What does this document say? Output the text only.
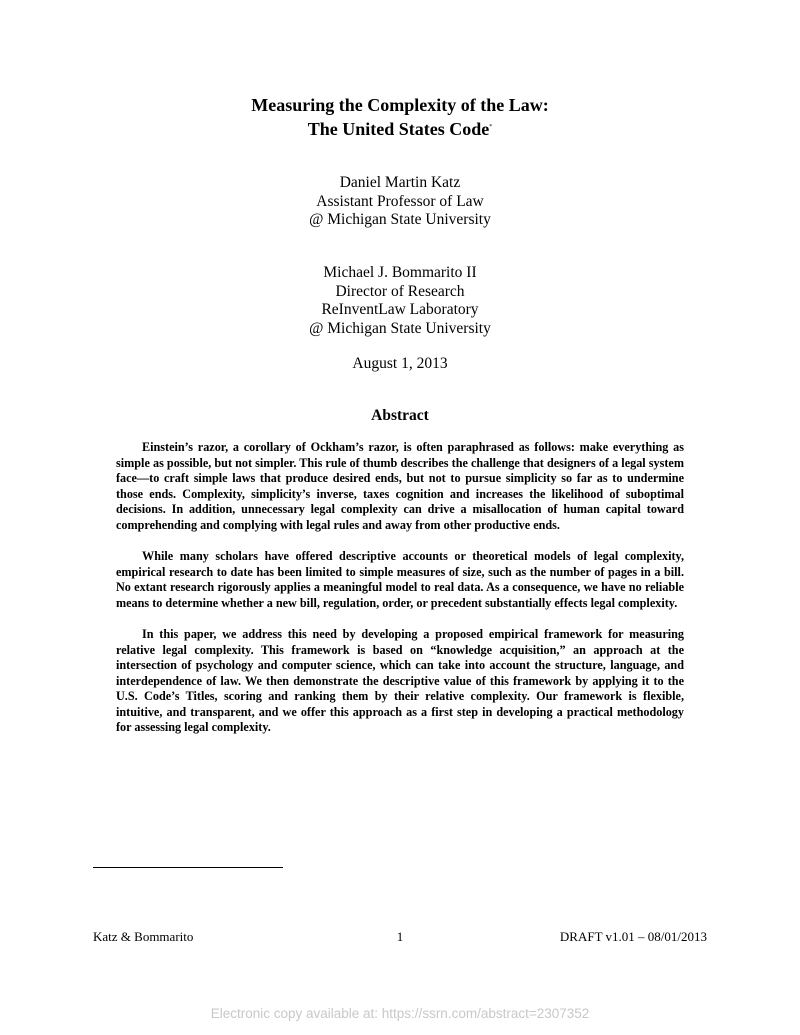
Measuring the Complexity of the Law:
The United States Code*
Daniel Martin Katz
Assistant Professor of Law
@ Michigan State University
Michael J. Bommarito II
Director of Research
ReInventLaw Laboratory
@ Michigan State University
August 1, 2013
Abstract

Einstein’s razor, a corollary of Ockham’s razor, is often paraphrased as follows: make everything as simple as possible, but not simpler. This rule of thumb describes the challenge that designers of a legal system face—to craft simple laws that produce desired ends, but not to pursue simplicity so far as to undermine those ends. Complexity, simplicity’s inverse, taxes cognition and increases the likelihood of suboptimal decisions. In addition, unnecessary legal complexity can drive a misallocation of human capital toward comprehending and complying with legal rules and away from other productive ends.

While many scholars have offered descriptive accounts or theoretical models of legal complexity, empirical research to date has been limited to simple measures of size, such as the number of pages in a bill. No extant research rigorously applies a meaningful model to real data. As a consequence, we have no reliable means to determine whether a new bill, regulation, order, or precedent substantially effects legal complexity.

In this paper, we address this need by developing a proposed empirical framework for measuring relative legal complexity. This framework is based on “knowledge acquisition,” an approach at the intersection of psychology and computer science, which can take into account the structure, language, and interdependence of law. We then demonstrate the descriptive value of this framework by applying it to the U.S. Code’s Titles, scoring and ranking them by their relative complexity. Our framework is flexible, intuitive, and transparent, and we offer this approach as a first step in developing a practical methodology for assessing legal complexity.

Katz & Bommarito	1	DRAFT v1.01 – 08/01/2013
Electronic copy available at: https://ssrn.com/abstract=2307352
